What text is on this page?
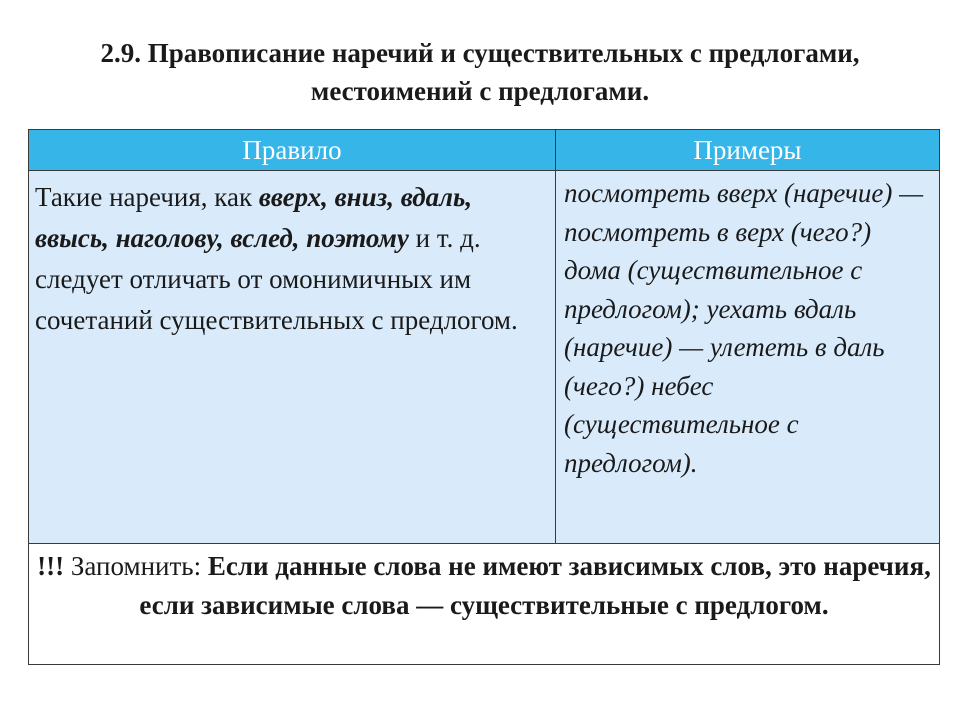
2.9. Правописание наречий и существительных с предлогами,
местоимений с предлогами.
Правило	Примеры
Такие наречия, как вверх, вниз, вдаль, ввысь, наголову, вслед, поэтому и т. д. следует отличать от омонимичных им сочетаний существительных с предлогом.
посмотреть вверх (наречие) — посмотреть в верх (чего?) дома (существительное с предлогом); уехать вдаль (наречие) — улететь в даль (чего?) небес (существительное с предлогом).
!!! Запомнить: Если данные слова не имеют зависимых слов, это наречия, если зависимые слова — существительные с предлогом.
